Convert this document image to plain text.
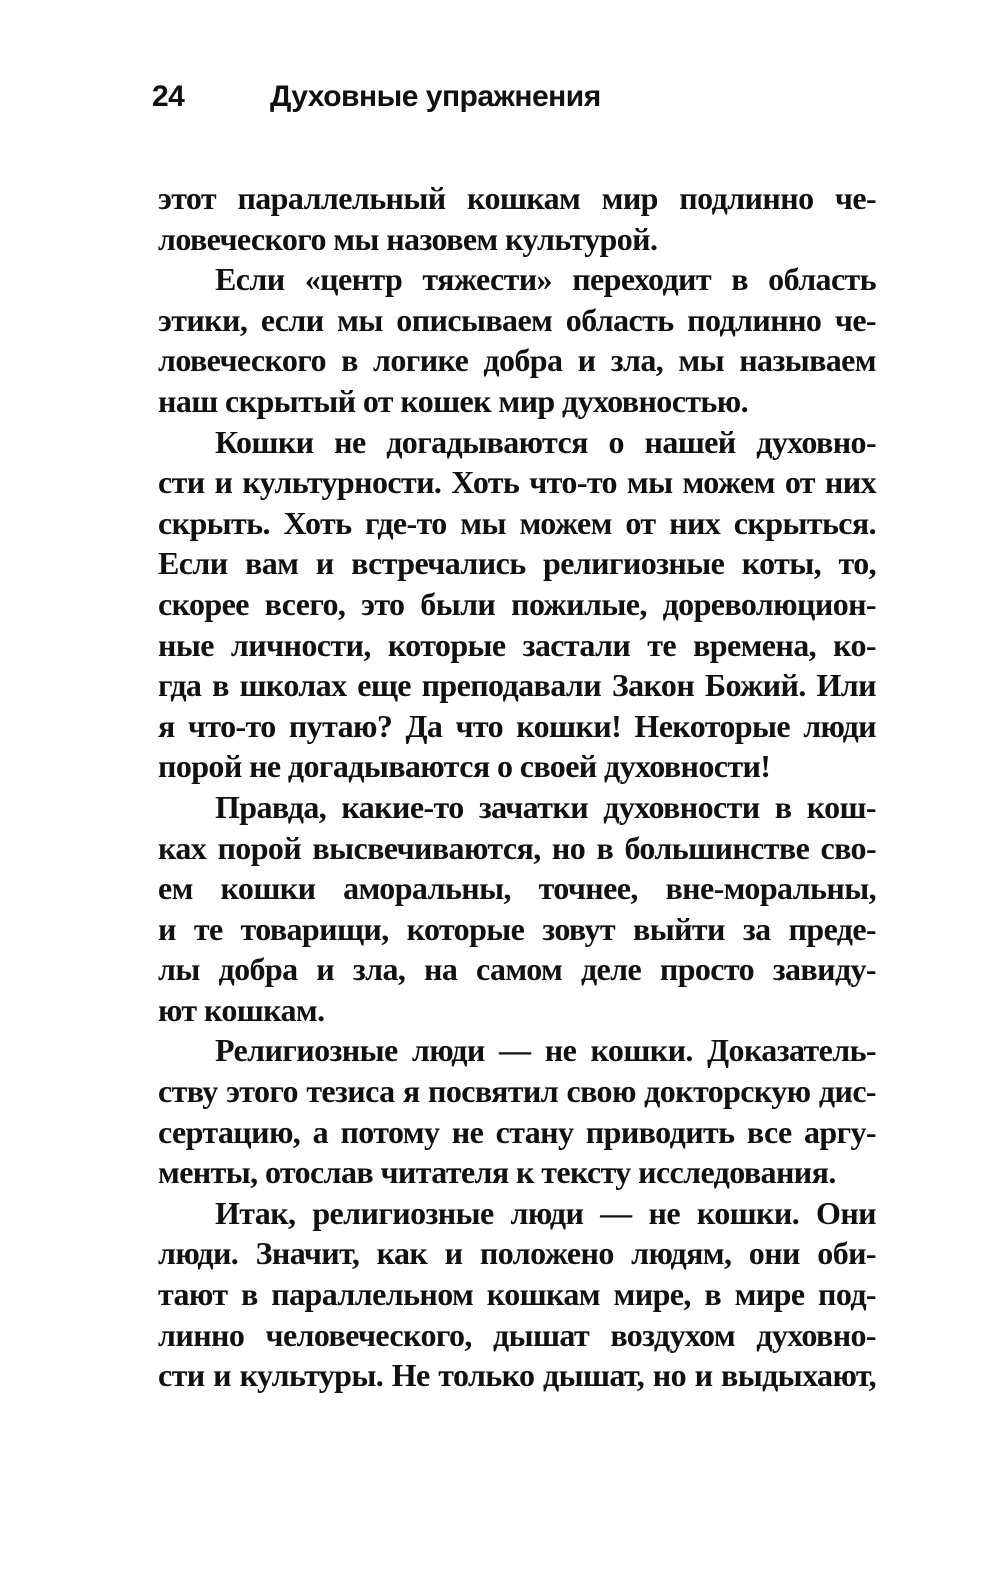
24	Духовные упражнения
этот параллельный кошкам мир подлинно че-
ловеческого мы назовем культурой.
Если «центр тяжести» переходит в область
этики, если мы описываем область подлинно че-
ловеческого в логике добра и зла, мы называем
наш скрытый от кошек мир духовностью.
Кошки не догадываются о нашей духовно-
сти и культурности. Хоть что-то мы можем от них
скрыть. Хоть где-то мы можем от них скрыться.
Если вам и встречались религиозные коты, то,
скорее всего, это были пожилые, дореволюцион-
ные личности, которые застали те времена, ко-
гда в школах еще преподавали Закон Божий. Или
я что-то путаю? Да что кошки! Некоторые люди
порой не догадываются о своей духовности!
Правда, какие-то зачатки духовности в кош-
ках порой высвечиваются, но в большинстве сво-
ем кошки аморальны, точнее, вне-моральны,
и те товарищи, которые зовут выйти за преде-
лы добра и зла, на самом деле просто завиду-
ют кошкам.
Религиозные люди — не кошки. Доказатель-
ству этого тезиса я посвятил свою докторскую дис-
сертацию, а потому не стану приводить все аргу-
менты, отослав читателя к тексту исследования.
Итак, религиозные люди — не кошки. Они
люди. Значит, как и положено людям, они оби-
тают в параллельном кошкам мире, в мире под-
линно человеческого, дышат воздухом духовно-
сти и культуры. Не только дышат, но и выдыхают,
